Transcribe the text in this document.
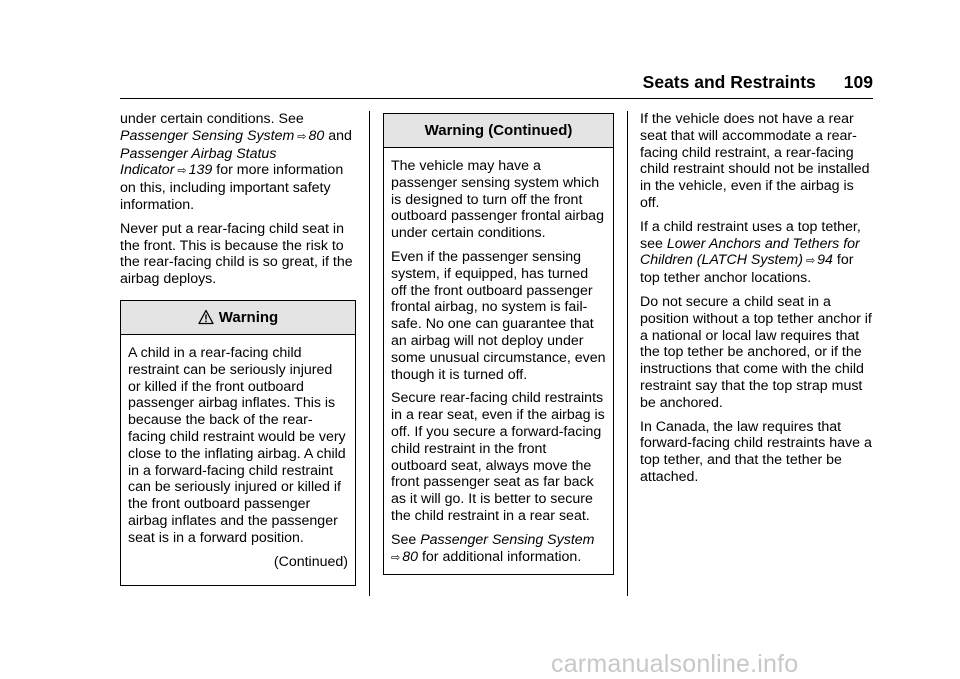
Seats and Restraints 109

under certain conditions. See Passenger Sensing System ⇨ 80 and Passenger Airbag Status Indicator ⇨ 139 for more information on this, including important safety information.

Never put a rear-facing child seat in the front. This is because the risk to the rear-facing child is so great, if the airbag deploys.

Warning

A child in a rear-facing child restraint can be seriously injured or killed if the front outboard passenger airbag inflates. This is because the back of the rear-facing child restraint would be very close to the inflating airbag. A child in a forward-facing child restraint can be seriously injured or killed if the front outboard passenger airbag inflates and the passenger seat is in a forward position.

(Continued)

Warning (Continued)

The vehicle may have a passenger sensing system which is designed to turn off the front outboard passenger frontal airbag under certain conditions.

Even if the passenger sensing system, if equipped, has turned off the front outboard passenger frontal airbag, no system is fail-safe. No one can guarantee that an airbag will not deploy under some unusual circumstance, even though it is turned off.

Secure rear-facing child restraints in a rear seat, even if the airbag is off. If you secure a forward-facing child restraint in the front outboard seat, always move the front passenger seat as far back as it will go. It is better to secure the child restraint in a rear seat.

See Passenger Sensing System
⇨ 80 for additional information.

If the vehicle does not have a rear seat that will accommodate a rear-facing child restraint, a rear-facing child restraint should not be installed in the vehicle, even if the airbag is off.

If a child restraint uses a top tether, see Lower Anchors and Tethers for Children (LATCH System) ⇨ 94 for top tether anchor locations.

Do not secure a child seat in a position without a top tether anchor if a national or local law requires that the top tether be anchored, or if the instructions that come with the child restraint say that the top strap must be anchored.

In Canada, the law requires that forward-facing child restraints have a top tether, and that the tether be attached.

carmanualsonline.info
